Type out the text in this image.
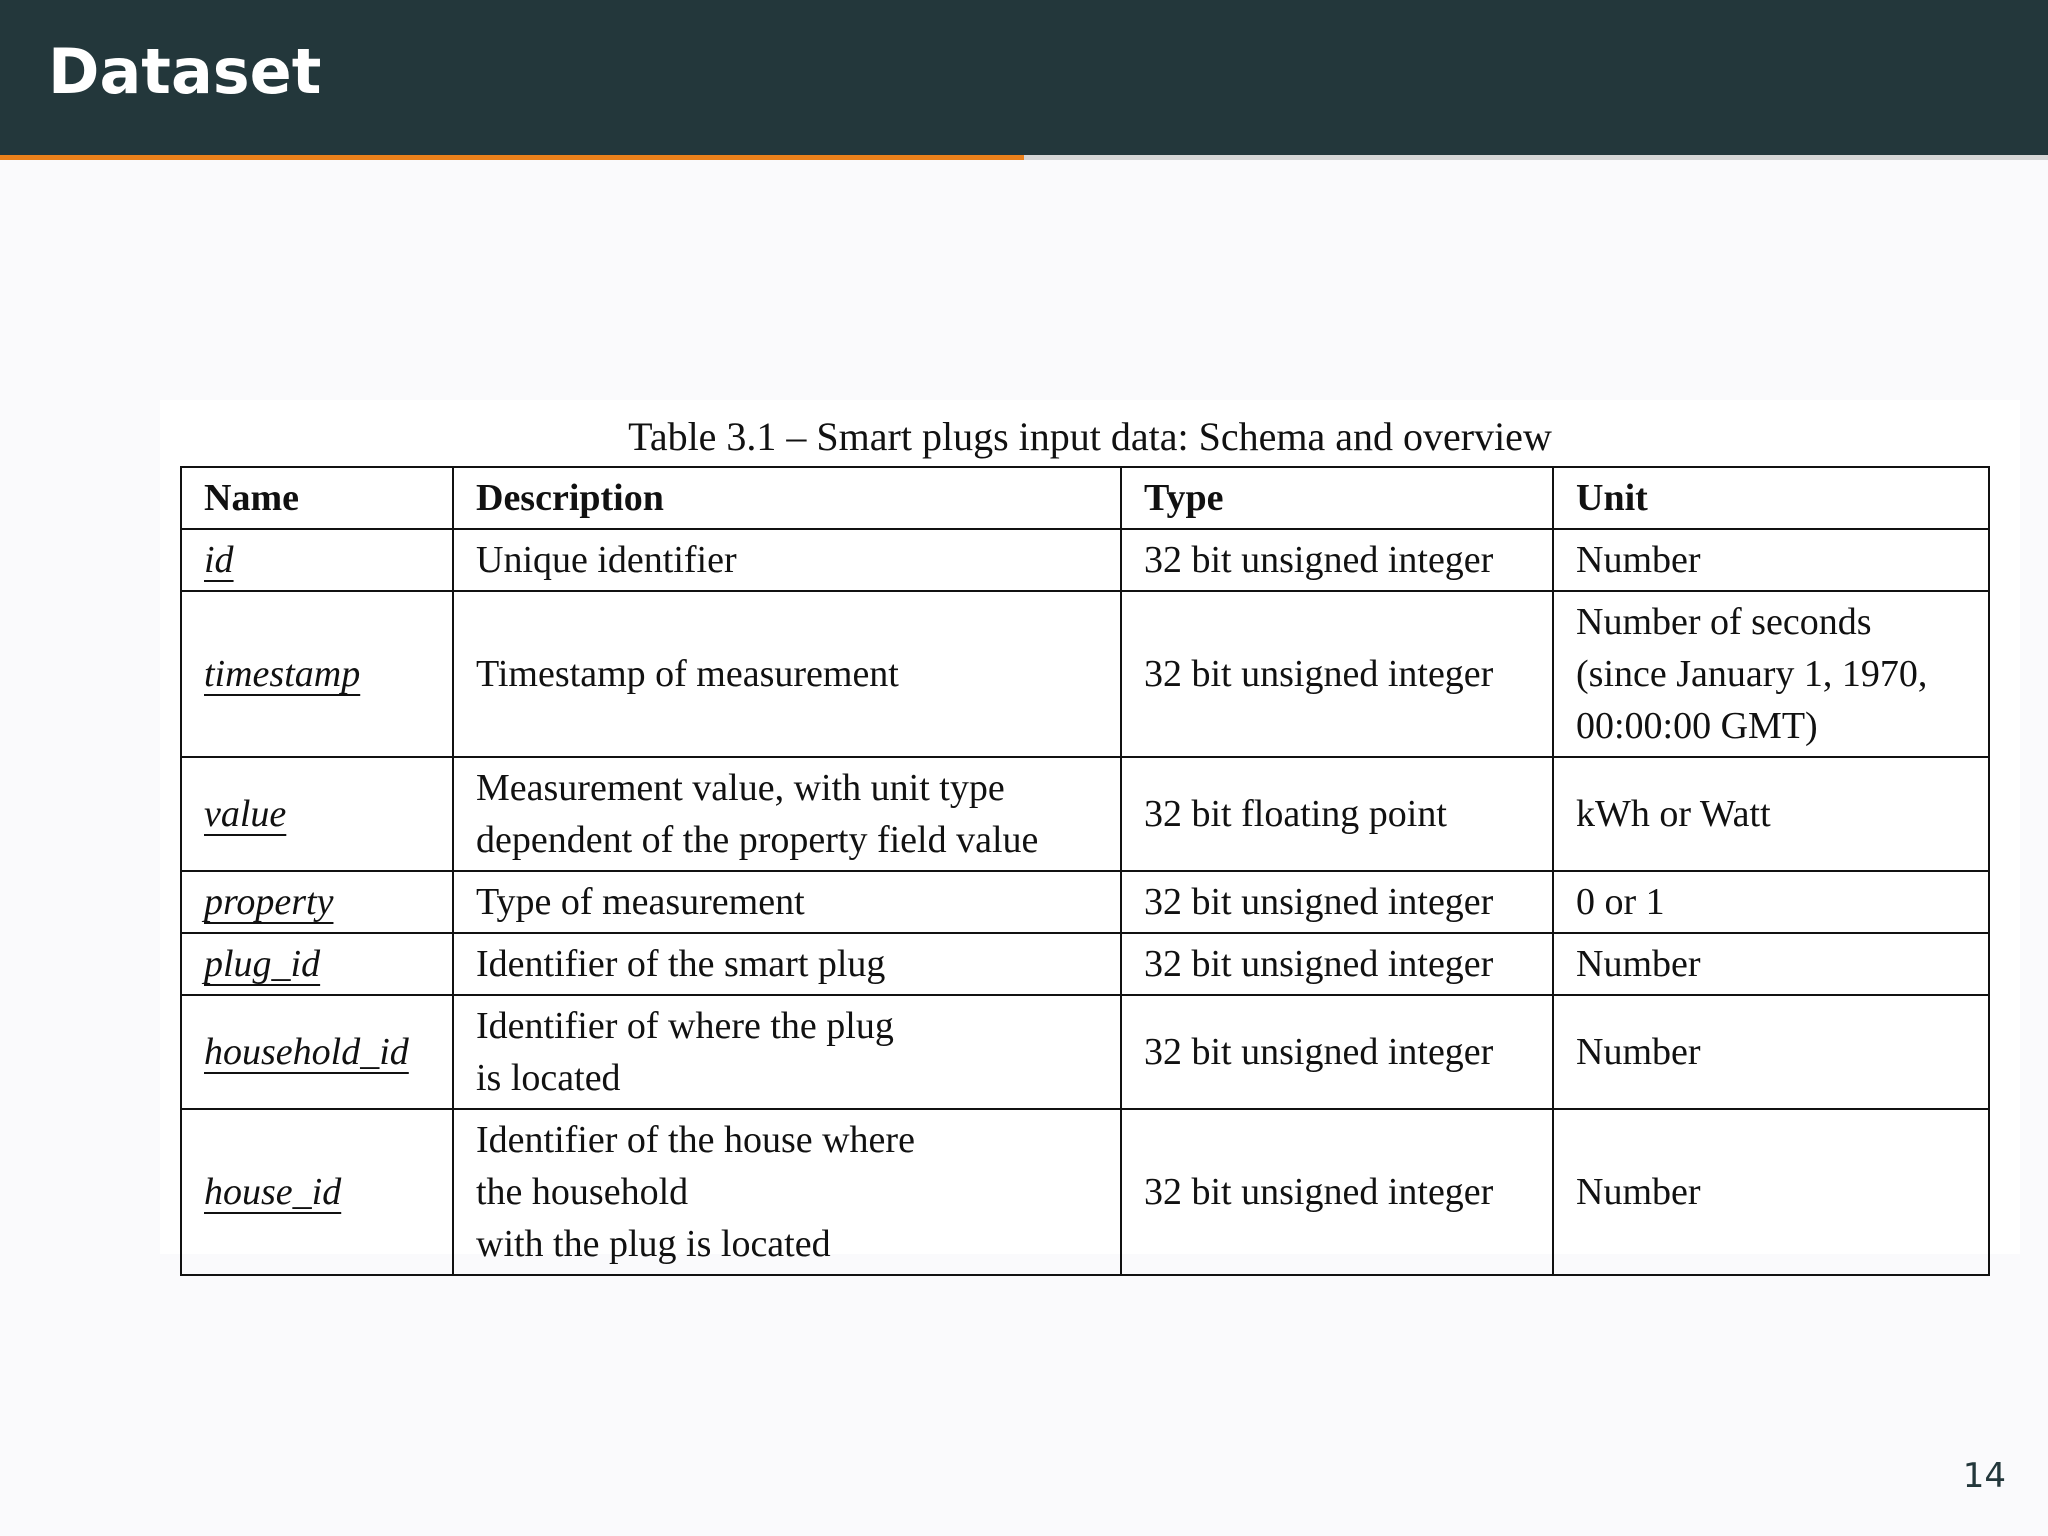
Dataset
Table 3.1 – Smart plugs input data: Schema and overview
Name	Description	Type	Unit
id	Unique identifier	32 bit unsigned integer	Number

timestamp	Timestamp of measurement	32 bit unsigned integer	Number of seconds
(since January 1, 1970,
00:00:00 GMT)

value	Measurement value, with unit type
dependent of the property field value	32 bit floating point	kWh or Watt

property	Type of measurement	32 bit unsigned integer	0 or 1

plug_id	Identifier of the smart plug	32 bit unsigned integer	Number

household_id	Identifier of where the plug
is located	32 bit unsigned integer	Number

house_id	Identifier of the house where
the household
with the plug is located	32 bit unsigned integer	Number
14
